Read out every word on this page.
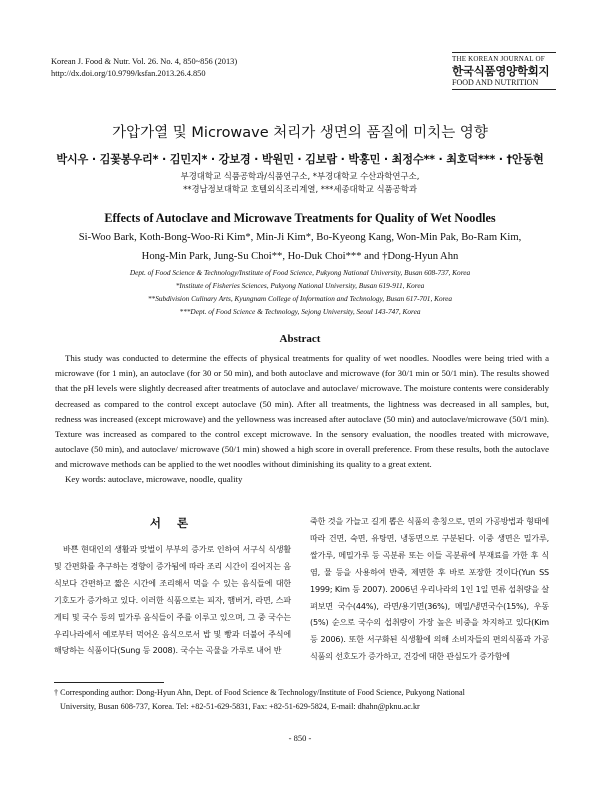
Korean J. Food & Nutr. Vol. 26. No. 4, 850~856 (2013)
http://dx.doi.org/10.9799/ksfan.2013.26.4.850
THE KOREAN JOURNAL OF
한국식품영양학회지
FOOD AND NUTRITION
가압가열 및 Microwave 처리가 생면의 품질에 미치는 영향
박시우 · 김꽃봉우리* · 김민지* · 강보경 · 박원민 · 김보람 · 박홍민 · 최정수** · 최호덕*** · †안동현
부경대학교 식품공학과/식품연구소, *부경대학교 수산과학연구소,
**경남정보대학교 호텔외식조리계열, ***세종대학교 식품공학과
Effects of Autoclave and Microwave Treatments for Quality of Wet Noodles
Si-Woo Bark, Koth-Bong-Woo-Ri Kim*, Min-Ji Kim*, Bo-Kyeong Kang, Won-Min Pak, Bo-Ram Kim,
Hong-Min Park, Jung-Su Choi**, Ho-Duk Choi*** and †Dong-Hyun Ahn
Dept. of Food Science & Technology/Institute of Food Science, Pukyong National University, Busan 608-737, Korea
*Institute of Fisheries Sciences, Pukyong National University, Busan 619-911, Korea
**Subdivision Culinary Arts, Kyungnam College of Information and Technology, Busan 617-701, Korea
***Dept. of Food Science & Technology, Sejong University, Seoul 143-747, Korea
Abstract
This study was conducted to determine the effects of physical treatments for quality of wet noodles. Noodles were being tried with a microwave (for 1 min), an autoclave (for 30 or 50 min), and both autoclave and microwave (for 30/1 min or 50/1 min). The results showed that the pH levels were slightly decreased after treatments of autoclave and autoclave/ microwave. The moisture contents were considerably decreased as compared to the control except autoclave (50 min). After all treatments, the lightness was decreased in all samples, but, redness was increased (except microwave) and the yellowness was increased after autoclave (50 min) and autoclave/microwave (50/1 min). Texture was increased as compared to the control except microwave. In the sensory evaluation, the noodles treated with microwave, autoclave (50 min), and autoclave/ microwave (50/1 min) showed a high score in overall preference. From these results, both the autoclave and microwave methods can be applied to the wet noodles without diminishing its quality to a great extent.
Key words: autoclave, microwave, noodle, quality
서 론
바쁜 현대인의 생활과 맞벌이 부부의 증가로 인하여 서구식 식생활 및 간편화를 추구하는 경향이 증가됨에 따라 조리 시간이 길어지는 음식보다 간편하고 짧은 시간에 조리해서 먹을 수 있는 음식들에 대한 기호도가 증가하고 있다. 이러한 식품으로는 피자, 햄버거, 라면, 스파게티 및 국수 등의 밀가루 음식들이 주를 이루고 있으며, 그 중 국수는 우리나라에서 예로부터 먹어온 음식으로서 밥 및 빵과 더불어 주식에 해당하는 식품이다(Sung 등 2008). 국수는 곡물을 가루로 내어 반
죽한 것을 가늘고 길게 뽑은 식품의 총칭으로, 면의 가공방법과 형태에 따라 건면, 숙면, 유탕면, 냉동면으로 구분된다. 이중 생면은 밀가루, 쌀가루, 메밀가루 등 곡분류 또는 이들 곡분류에 부재료를 가한 후 식염, 물 등을 사용하여 반죽, 제면한 후 바로 포장한 것이다(Yun SS 1999; Kim 등 2007). 2006년 우리나라의 1인 1일 면류 섭취량을 살펴보면 국수(44%), 라면/용기면(36%), 메밀/냉면국수(15%), 우동(5%) 순으로 국수의 섭취량이 가장 높은 비중을 차지하고 있다(Kim 등 2006). 또한 서구화된 식생활에 의해 소비자들의 편의식품과 가공식품의 선호도가 증가하고, 건강에 대한 관심도가 증가함에
† Corresponding author: Dong-Hyun Ahn, Dept. of Food Science & Technology/Institute of Food Science, Pukyong National
University, Busan 608-737, Korea. Tel: +82-51-629-5831, Fax: +82-51-629-5824, E-mail: dhahn@pknu.ac.kr
- 850 -
